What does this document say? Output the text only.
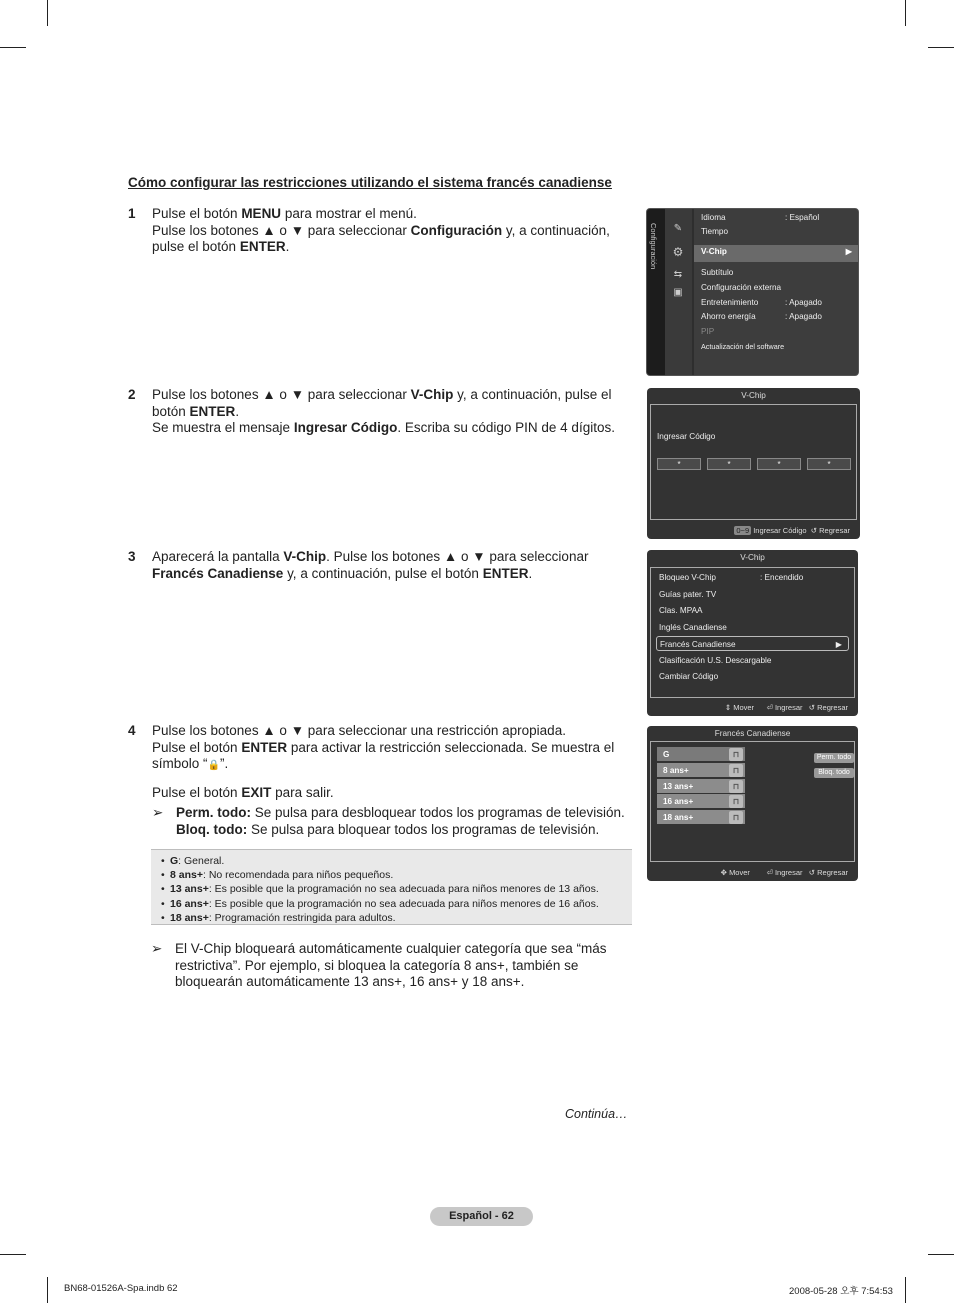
Cómo configurar las restricciones utilizando el sistema francés canadiense
1 Pulse el botón MENU para mostrar el menú.
Pulse los botones ▲ o ▼ para seleccionar Configuración y, a continuación, pulse el botón ENTER.
2 Pulse los botones ▲ o ▼ para seleccionar V-Chip y, a continuación, pulse el botón ENTER.
Se muestra el mensaje Ingresar Código. Escriba su código PIN de 4 dígitos.
3 Aparecerá la pantalla V-Chip. Pulse los botones ▲ o ▼ para seleccionar Francés Canadiense y, a continuación, pulse el botón ENTER.
4 Pulse los botones ▲ o ▼ para seleccionar una restricción apropiada.
Pulse el botón ENTER para activar la restricción seleccionada. Se muestra el símbolo “🔒”.
Pulse el botón EXIT para salir.
➢ Perm. todo: Se pulsa para desbloquear todos los programas de televisión.
Bloq. todo: Se pulsa para bloquear todos los programas de televisión.
• G: General.
• 8 ans+: No recomendada para niños pequeños.
• 13 ans+: Es posible que la programación no sea adecuada para niños menores de 13 años.
• 16 ans+: Es posible que la programación no sea adecuada para niños menores de 16 años.
• 18 ans+: Programación restringida para adultos.
➢ El V-Chip bloqueará automáticamente cualquier categoría que sea “más restrictiva”. Por ejemplo, si bloquea la categoría 8 ans+, también se bloquearán automáticamente 13 ans+, 16 ans+ y 18 ans+.
Continúa…
Español - 62
BN68-01526A-Spa.indb 62	2008-05-28 오후 7:54:53
Configuración ✎
⚙
⇆
▣
Idioma	: Español
Tiempo
V-Chip	▶
Subtítulo
Configuración externa
Entretenimiento	: Apagado
Ahorro energía	: Apagado
PIP
Actualización del software
V-Chip
Ingresar Código
*	*	*	*
0~9 Ingresar Código ↺ Regresar
V-Chip
Bloqueo V-Chip	: Encendido
Guías pater. TV
Clas. MPAA
Inglés Canadiense
Francés Canadiense	▶
Clasificación U.S. Descargable
Cambiar Código
⇕ Mover ⏎ Ingresar ↺ Regresar
Francés Canadiense
Perm. todo
Bloq. todo
G	⊓
8 ans+	⊓
13 ans+	⊓
16 ans+	⊓
18 ans+	⊓
✥ Mover ⏎ Ingresar ↺ Regresar
